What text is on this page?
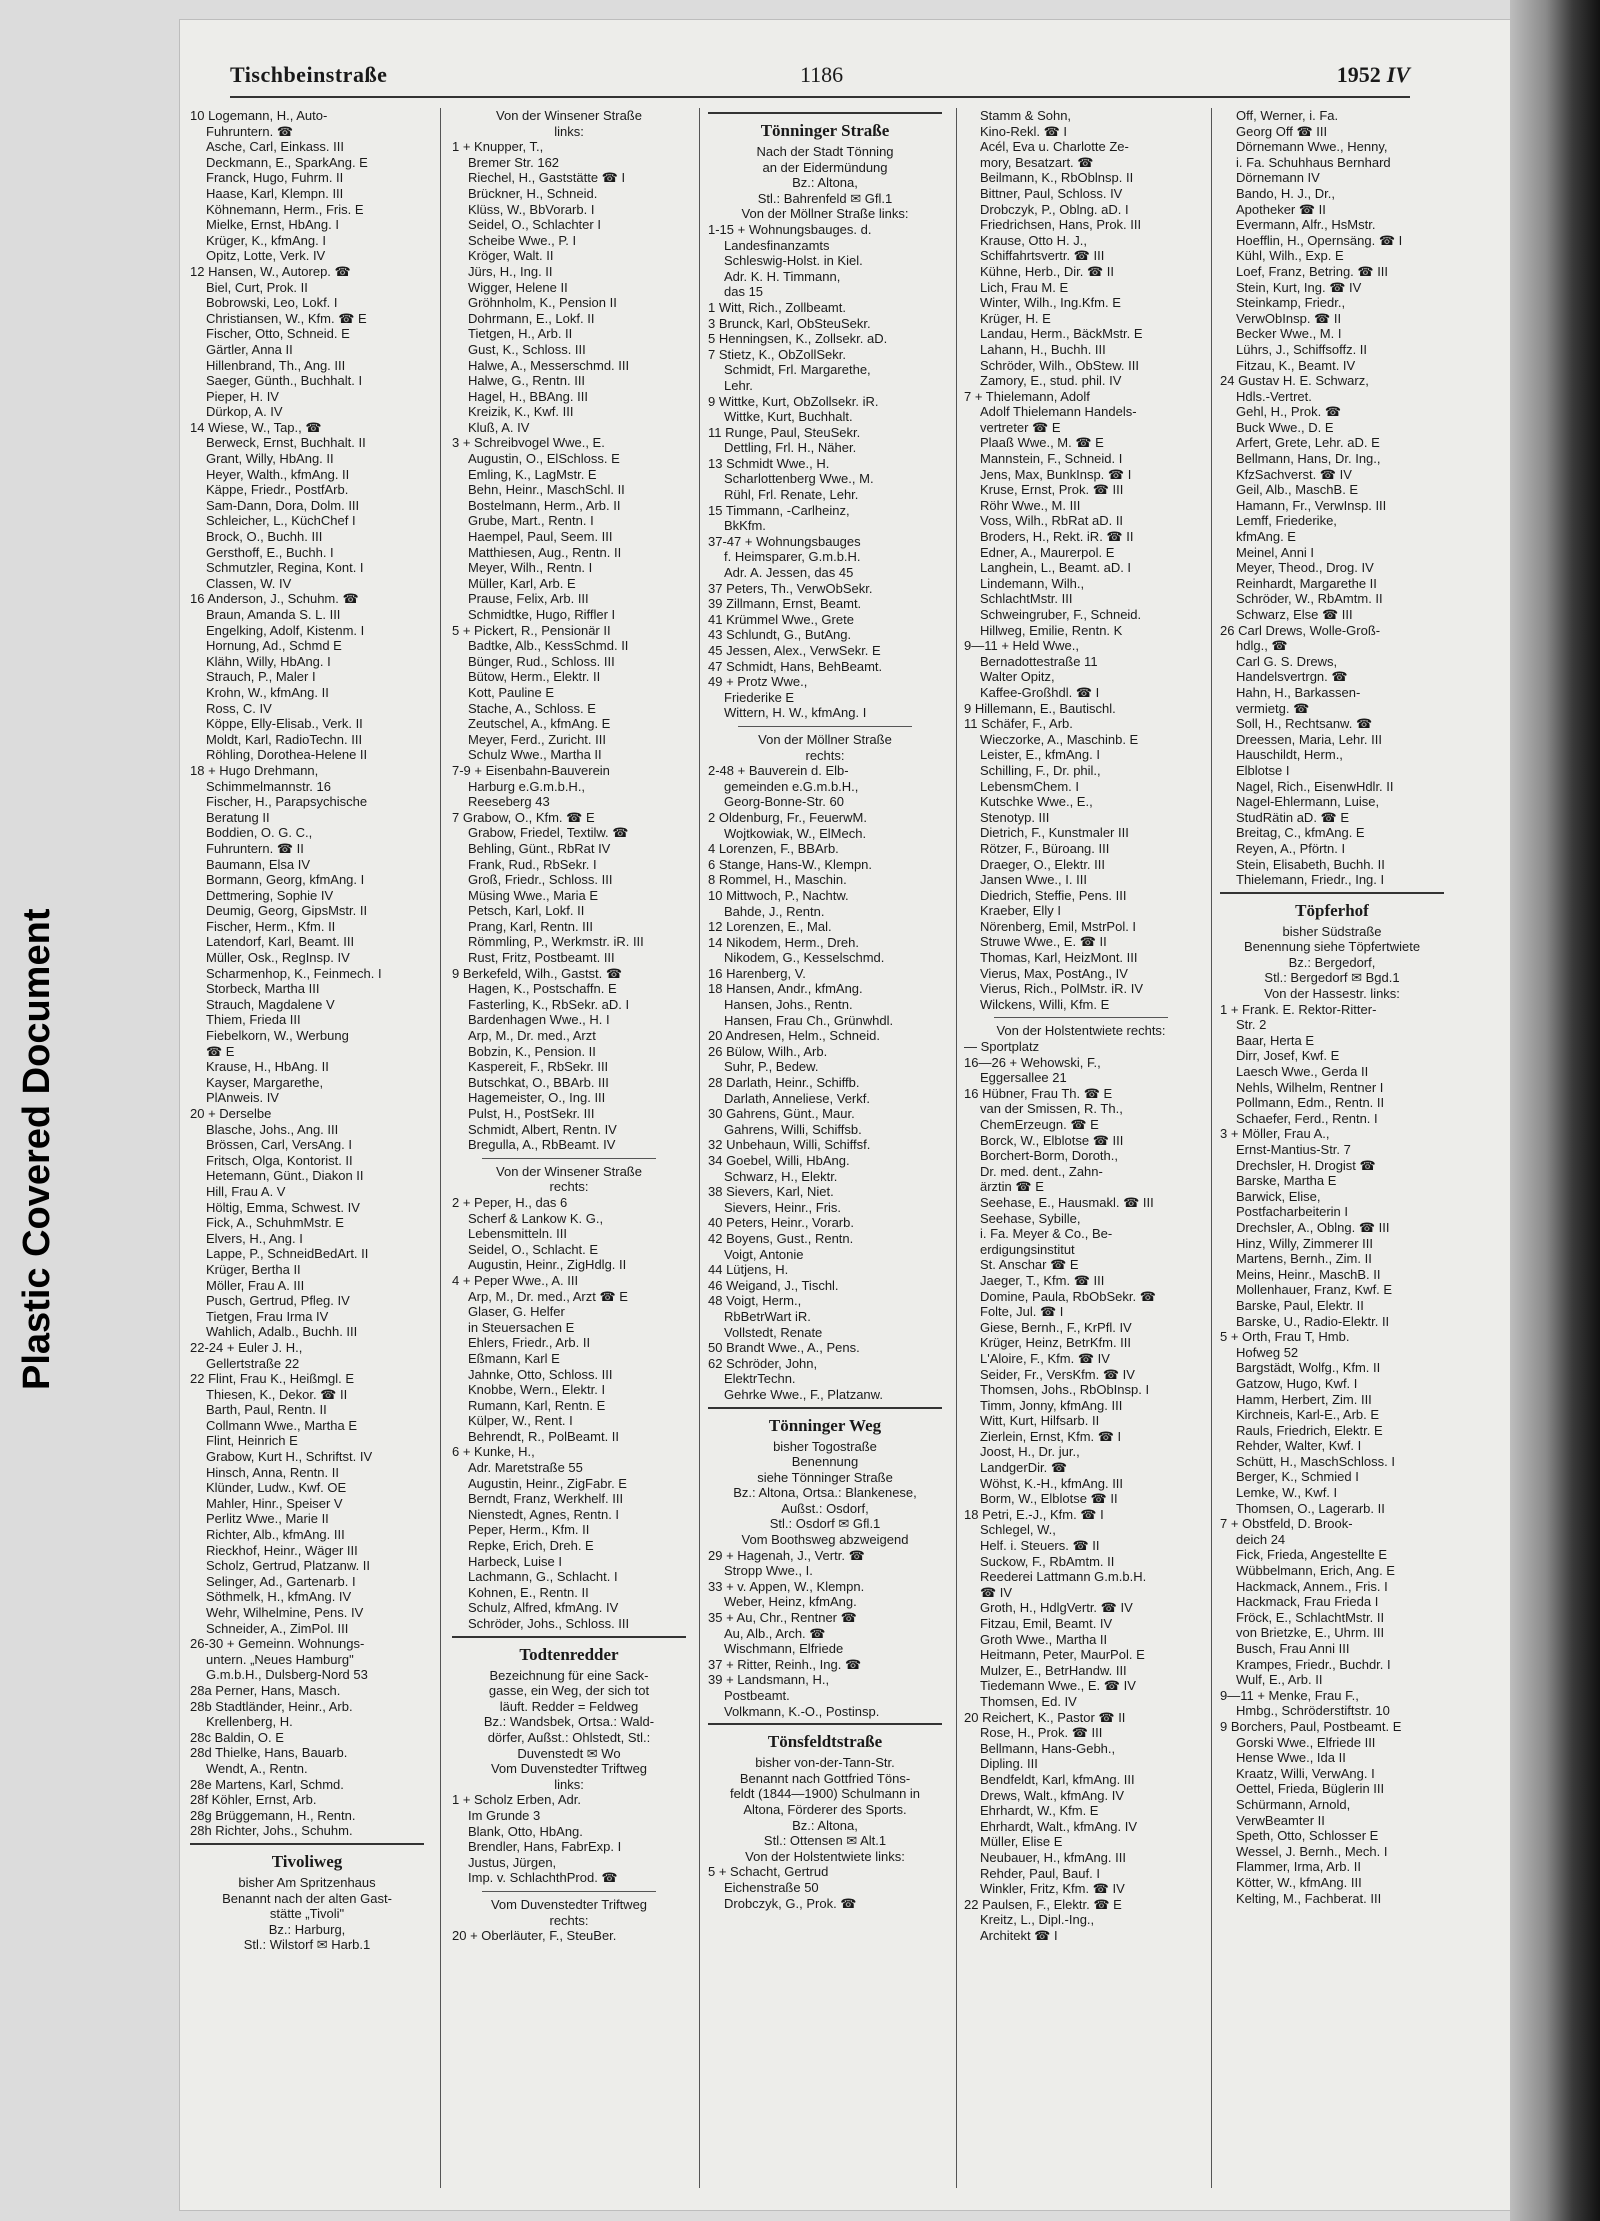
Plastic Covered Document
Tischbeinstraße	1186	1952 IV
10 Logemann, H., Auto-
Fuhruntern. ☎
Asche, Carl, Einkass. III
Deckmann, E., SparkAng. E
Franck, Hugo, Fuhrm. II
Haase, Karl, Klempn. III
Köhnemann, Herm., Fris. E
Mielke, Ernst, HbAng. I
Krüger, K., kfmAng. I
Opitz, Lotte, Verk. IV
12 Hansen, W., Autorep. ☎
Biel, Curt, Prok. II
Bobrowski, Leo, Lokf. I
Christiansen, W., Kfm. ☎ E
Fischer, Otto, Schneid. E
Gärtler, Anna II
Hillenbrand, Th., Ang. III
Saeger, Günth., Buchhalt. I
Pieper, H. IV
Dürkop, A. IV
14 Wiese, W., Tap., ☎
Berweck, Ernst, Buchhalt. II
Grant, Willy, HbAng. II
Heyer, Walth., kfmAng. II
Käppe, Friedr., PostfArb.
Sam-Dann, Dora, Dolm. III
Schleicher, L., KüchChef I
Brock, O., Buchh. III
Gersthoff, E., Buchh. I
Schmutzler, Regina, Kont. I
Classen, W. IV
16 Anderson, J., Schuhm. ☎
Braun, Amanda S. L. III
Engelking, Adolf, Kistenm. I
Hornung, Ad., Schmd E
Klähn, Willy, HbAng. I
Strauch, P., Maler I
Krohn, W., kfmAng. II
Ross, C. IV
Köppe, Elly-Elisab., Verk. II
Moldt, Karl, RadioTechn. III
Röhling, Dorothea-Helene II
18 + Hugo Drehmann,
Schimmelmannstr. 16
Fischer, H., Parapsychische
Beratung II
Boddien, O. G. C.,
Fuhruntern. ☎ II
Baumann, Elsa IV
Bormann, Georg, kfmAng. I
Dettmering, Sophie IV
Deumig, Georg, GipsMstr. II
Fischer, Herm., Kfm. II
Latendorf, Karl, Beamt. III
Müller, Osk., RegInsp. IV
Scharmenhop, K., Feinmech. I
Storbeck, Martha III
Strauch, Magdalene V
Thiem, Frieda III
Fiebelkorn, W., Werbung
☎ E
Krause, H., HbAng. II
Kayser, Margarethe,
PlAnweis. IV
20 + Derselbe
Blasche, Johs., Ang. III
Brössen, Carl, VersAng. I
Fritsch, Olga, Kontorist. II
Hetemann, Günt., Diakon II
Hill, Frau A. V
Höltig, Emma, Schwest. IV
Fick, A., SchuhmMstr. E
Elvers, H., Ang. I
Lappe, P., SchneidBedArt. II
Krüger, Bertha II
Möller, Frau A. III
Pusch, Gertrud, Pfleg. IV
Tietgen, Frau Irma IV
Wahlich, Adalb., Buchh. III
22-24 + Euler J. H.,
Gellertstraße 22
22 Flint, Frau K., Heißmgl. E
Thiesen, K., Dekor. ☎ II
Barth, Paul, Rentn. II
Collmann Wwe., Martha E
Flint, Heinrich E
Grabow, Kurt H., Schriftst. IV
Hinsch, Anna, Rentn. II
Klünder, Ludw., Kwf. OE
Mahler, Hinr., Speiser V
Perlitz Wwe., Marie II
Richter, Alb., kfmAng. III
Rieckhof, Heinr., Wäger III
Scholz, Gertrud, Platzanw. II
Selinger, Ad., Gartenarb. I
Söthmelk, H., kfmAng. IV
Wehr, Wilhelmine, Pens. IV
Schneider, A., ZimPol. III
26-30 + Gemeinn. Wohnungs-
untern. „Neues Hamburg"
G.m.b.H., Dulsberg-Nord 53
28a Perner, Hans, Masch.
28b Stadtländer, Heinr., Arb.
Krellenberg, H.
28c Baldin, O. E
28d Thielke, Hans, Bauarb.
Wendt, A., Rentn.
28e Martens, Karl, Schmd.
28f Köhler, Ernst, Arb.
28g Brüggemann, H., Rentn.
28h Richter, Johs., Schuhm.
Tivoliweg
bisher Am Spritzenhaus
Benannt nach der alten Gast-
stätte „Tivoli"
Bz.: Harburg,
Stl.: Wilstorf ✉ Harb.1
Von der Winsener Straße
links:
1 + Knupper, T.,
Bremer Str. 162
Riechel, H., Gaststätte ☎ I
Brückner, H., Schneid.
Klüss, W., BbVorarb. I
Seidel, O., Schlachter I
Scheibe Wwe., P. I
Kröger, Walt. II
Jürs, H., Ing. II
Wigger, Helene II
Gröhnholm, K., Pension II
Dohrmann, E., Lokf. II
Tietgen, H., Arb. II
Gust, K., Schloss. III
Halwe, A., Messerschmd. III
Halwe, G., Rentn. III
Hagel, H., BBAng. III
Kreizik, K., Kwf. III
Kluß, A. IV
3 + Schreibvogel Wwe., E.
Augustin, O., ElSchloss. E
Emling, K., LagMstr. E
Behn, Heinr., MaschSchl. II
Bostelmann, Herm., Arb. II
Grube, Mart., Rentn. I
Haempel, Paul, Seem. III
Matthiesen, Aug., Rentn. II
Meyer, Wilh., Rentn. I
Müller, Karl, Arb. E
Prause, Felix, Arb. III
Schmidtke, Hugo, Riffler I
5 + Pickert, R., Pensionär II
Badtke, Alb., KessSchmd. II
Bünger, Rud., Schloss. III
Bütow, Herm., Elektr. II
Kott, Pauline E
Stache, A., Schloss. E
Zeutschel, A., kfmAng. E
Meyer, Ferd., Zuricht. III
Schulz Wwe., Martha II
7-9 + Eisenbahn-Bauverein
Harburg e.G.m.b.H.,
Reeseberg 43
7 Grabow, O., Kfm. ☎ E
Grabow, Friedel, Textilw. ☎
Behling, Günt., RbRat IV
Frank, Rud., RbSekr. I
Groß, Friedr., Schloss. III
Müsing Wwe., Maria E
Petsch, Karl, Lokf. II
Prang, Karl, Rentn. III
Römmling, P., Werkmstr. iR. III
Rust, Fritz, Postbeamt. III
9 Berkefeld, Wilh., Gastst. ☎
Hagen, K., Postschaffn. E
Fasterling, K., RbSekr. aD. I
Bardenhagen Wwe., H. I
Arp, M., Dr. med., Arzt
Bobzin, K., Pension. II
Kaspereit, F., RbSekr. III
Butschkat, O., BBArb. III
Hagemeister, O., Ing. III
Pulst, H., PostSekr. III
Schmidt, Albert, Rentn. IV
Bregulla, A., RbBeamt. IV
Von der Winsener Straße
rechts:
2 + Peper, H., das 6
Scherf & Lankow K. G.,
Lebensmitteln. III
Seidel, O., Schlacht. E
Augustin, Heinr., ZigHdlg. II
4 + Peper Wwe., A. III
Arp, M., Dr. med., Arzt ☎ E
Glaser, G. Helfer
in Steuersachen E
Ehlers, Friedr., Arb. II
Eßmann, Karl E
Jahnke, Otto, Schloss. III
Knobbe, Wern., Elektr. I
Rumann, Karl, Rentn. E
Külper, W., Rent. I
Behrendt, R., PolBeamt. II
6 + Kunke, H.,
Adr. Maretstraße 55
Augustin, Heinr., ZigFabr. E
Berndt, Franz, Werkhelf. III
Nienstedt, Agnes, Rentn. I
Peper, Herm., Kfm. II
Repke, Erich, Dreh. E
Harbeck, Luise I
Lachmann, G., Schlacht. I
Kohnen, E., Rentn. II
Schulz, Alfred, kfmAng. IV
Schröder, Johs., Schloss. III
Todtenredder
Bezeichnung für eine Sack-
gasse, ein Weg, der sich tot
läuft. Redder = Feldweg
Bz.: Wandsbek, Ortsa.: Wald-
dörfer, Außst.: Ohlstedt, Stl.:
Duvenstedt ✉ Wo
Vom Duvenstedter Triftweg
links:
1 + Scholz Erben, Adr.
Im Grunde 3
Blank, Otto, HbAng.
Brendler, Hans, FabrExp. I
Justus, Jürgen,
Imp. v. SchlachthProd. ☎
Vom Duvenstedter Triftweg
rechts:
20 + Oberläuter, F., SteuBer.
Tönninger Straße
Nach der Stadt Tönning
an der Eidermündung
Bz.: Altona,
Stl.: Bahrenfeld ✉ Gfl.1
Von der Möllner Straße links:
1-15 + Wohnungsbauges. d.
Landesfinanzamts
Schleswig-Holst. in Kiel.
Adr. K. H. Timmann,
das 15
1 Witt, Rich., Zollbeamt.
3 Brunck, Karl, ObSteuSekr.
5 Henningsen, K., Zollsekr. aD.
7 Stietz, K., ObZollSekr.
Schmidt, Frl. Margarethe,
Lehr.
9 Wittke, Kurt, ObZollsekr. iR.
Wittke, Kurt, Buchhalt.
11 Runge, Paul, SteuSekr.
Dettling, Frl. H., Näher.
13 Schmidt Wwe., H.
Scharlottenberg Wwe., M.
Rühl, Frl. Renate, Lehr.
15 Timmann, -Carlheinz,
BkKfm.
37-47 + Wohnungsbauges
f. Heimsparer, G.m.b.H.
Adr. A. Jessen, das 45
37 Peters, Th., VerwObSekr.
39 Zillmann, Ernst, Beamt.
41 Krümmel Wwe., Grete
43 Schlundt, G., ButAng.
45 Jessen, Alex., VerwSekr. E
47 Schmidt, Hans, BehBeamt.
49 + Protz Wwe.,
Friederike E
Wittern, H. W., kfmAng. I
Von der Möllner Straße
rechts:
2-48 + Bauverein d. Elb-
gemeinden e.G.m.b.H.,
Georg-Bonne-Str. 60
2 Oldenburg, Fr., FeuerwM.
Wojtkowiak, W., ElMech.
4 Lorenzen, F., BBArb.
6 Stange, Hans-W., Klempn.
8 Rommel, H., Maschin.
10 Mittwoch, P., Nachtw.
Bahde, J., Rentn.
12 Lorenzen, E., Mal.
14 Nikodem, Herm., Dreh.
Nikodem, G., Kesselschmd.
16 Harenberg, V.
18 Hansen, Andr., kfmAng.
Hansen, Johs., Rentn.
Hansen, Frau Ch., Grünwhdl.
20 Andresen, Helm., Schneid.
26 Bülow, Wilh., Arb.
Suhr, P., Bedew.
28 Darlath, Heinr., Schiffb.
Darlath, Anneliese, Verkf.
30 Gahrens, Günt., Maur.
Gahrens, Willi, Schiffsb.
32 Unbehaun, Willi, Schiffsf.
34 Goebel, Willi, HbAng.
Schwarz, H., Elektr.
38 Sievers, Karl, Niet.
Sievers, Heinr., Fris.
40 Peters, Heinr., Vorarb.
42 Boyens, Gust., Rentn.
Voigt, Antonie
44 Lütjens, H.
46 Weigand, J., Tischl.
48 Voigt, Herm.,
RbBetrWart iR.
Vollstedt, Renate
50 Brandt Wwe., A., Pens.
62 Schröder, John,
ElektrTechn.
Gehrke Wwe., F., Platzanw.
Tönninger Weg
bisher Togostraße
Benennung
siehe Tönninger Straße
Bz.: Altona, Ortsa.: Blankenese,
Außst.: Osdorf,
Stl.: Osdorf ✉ Gfl.1
Vom Boothsweg abzweigend
29 + Hagenah, J., Vertr. ☎
Stropp Wwe., I.
33 + v. Appen, W., Klempn.
Weber, Heinz, kfmAng.
35 + Au, Chr., Rentner ☎
Au, Alb., Arch. ☎
Wischmann, Elfriede
37 + Ritter, Reinh., Ing. ☎
39 + Landsmann, H.,
Postbeamt.
Volkmann, K.-O., Postinsp.
Tönsfeldtstraße
bisher von-der-Tann-Str.
Benannt nach Gottfried Töns-
feldt (1844—1900) Schulmann in
Altona, Förderer des Sports.
Bz.: Altona,
Stl.: Ottensen ✉ Alt.1
Von der Holstentwiete links:
5 + Schacht, Gertrud
Eichenstraße 50
Drobczyk, G., Prok. ☎
Stamm & Sohn,
Kino-Rekl. ☎ I
Acél, Eva u. Charlotte Ze-
mory, Besatzart. ☎
Beilmann, K., RbOblnsp. II
Bittner, Paul, Schloss. IV
Drobczyk, P., Oblng. aD. I
Friedrichsen, Hans, Prok. III
Krause, Otto H. J.,
Schiffahrtsvertr. ☎ III
Kühne, Herb., Dir. ☎ II
Lich, Frau M. E
Winter, Wilh., Ing.Kfm. E
Krüger, H. E
Landau, Herm., BäckMstr. E
Lahann, H., Buchh. III
Schröder, Wilh., ObStew. III
Zamory, E., stud. phil. IV
7 + Thielemann, Adolf
Adolf Thielemann Handels-
vertreter ☎ E
Plaaß Wwe., M. ☎ E
Mannstein, F., Schneid. I
Jens, Max, BunkInsp. ☎ I
Kruse, Ernst, Prok. ☎ III
Röhr Wwe., M. III
Voss, Wilh., RbRat aD. II
Broders, H., Rekt. iR. ☎ II
Edner, A., Maurerpol. E
Langhein, L., Beamt. aD. I
Lindemann, Wilh.,
SchlachtMstr. III
Schweingruber, F., Schneid.
Hillweg, Emilie, Rentn. K
9—11 + Held Wwe.,
Bernadottestraße 11
Walter Opitz,
Kaffee-Großhdl. ☎ I
9 Hillemann, E., Bautischl.
11 Schäfer, F., Arb.
Wieczorke, A., Maschinb. E
Leister, E., kfmAng. I
Schilling, F., Dr. phil.,
LebensmChem. I
Kutschke Wwe., E.,
Stenotyp. III
Dietrich, F., Kunstmaler III
Rötzer, F., Büroang. III
Draeger, O., Elektr. III
Jansen Wwe., I. III
Diedrich, Steffie, Pens. III
Kraeber, Elly I
Nörenberg, Emil, MstrPol. I
Struwe Wwe., E. ☎ II
Thomas, Karl, HeizMont. III
Vierus, Max, PostAng., IV
Vierus, Rich., PolMstr. iR. IV
Wilckens, Willi, Kfm. E
Von der Holstentwiete rechts:
— Sportplatz
16—26 + Wehowski, F.,
Eggersallee 21
16 Hübner, Frau Th. ☎ E
van der Smissen, R. Th.,
ChemErzeugn. ☎ E
Borck, W., Elblotse ☎ III
Borchert-Borm, Doroth.,
Dr. med. dent., Zahn-
ärztin ☎ E
Seehase, E., Hausmakl. ☎ III
Seehase, Sybille,
i. Fa. Meyer & Co., Be-
erdigungsinstitut
St. Anschar ☎ E
Jaeger, T., Kfm. ☎ III
Domine, Paula, RbObSekr. ☎
Folte, Jul. ☎ I
Giese, Bernh., F., KrPfl. IV
Krüger, Heinz, BetrKfm. III
L'Aloire, F., Kfm. ☎ IV
Seider, Fr., VersKfm. ☎ IV
Thomsen, Johs., RbObInsp. I
Timm, Jonny, kfmAng. III
Witt, Kurt, Hilfsarb. II
Zierlein, Ernst, Kfm. ☎ I
Joost, H., Dr. jur.,
LandgerDir. ☎
Wöhst, K.-H., kfmAng. III
Borm, W., Elblotse ☎ II
18 Petri, E.-J., Kfm. ☎ I
Schlegel, W.,
Helf. i. Steuers. ☎ II
Suckow, F., RbAmtm. II
Reederei Lattmann G.m.b.H.
☎ IV
Groth, H., HdlgVertr. ☎ IV
Fitzau, Emil, Beamt. IV
Groth Wwe., Martha II
Heitmann, Peter, MaurPol. E
Mulzer, E., BetrHandw. III
Tiedemann Wwe., E. ☎ IV
Thomsen, Ed. IV
20 Reichert, K., Pastor ☎ II
Rose, H., Prok. ☎ III
Bellmann, Hans-Gebh.,
Dipling. III
Bendfeldt, Karl, kfmAng. III
Drews, Walt., kfmAng. IV
Ehrhardt, W., Kfm. E
Ehrhardt, Walt., kfmAng. IV
Müller, Elise E
Neubauer, H., kfmAng. III
Rehder, Paul, Bauf. I
Winkler, Fritz, Kfm. ☎ IV
22 Paulsen, F., Elektr. ☎ E
Kreitz, L., Dipl.-Ing.,
Architekt ☎ I
Off, Werner, i. Fa.
Georg Off ☎ III
Dörnemann Wwe., Henny,
i. Fa. Schuhhaus Bernhard
Dörnemann IV
Bando, H. J., Dr.,
Apotheker ☎ II
Evermann, Alfr., HsMstr.
Hoefflin, H., Opernsäng. ☎ I
Kühl, Wilh., Exp. E
Loef, Franz, Betring. ☎ III
Stein, Kurt, Ing. ☎ IV
Steinkamp, Friedr.,
VerwObInsp. ☎ II
Becker Wwe., M. I
Lührs, J., Schiffsoffz. II
Fitzau, K., Beamt. IV
24 Gustav H. E. Schwarz,
Hdls.-Vertret.
Gehl, H., Prok. ☎
Buck Wwe., D. E
Arfert, Grete, Lehr. aD. E
Bellmann, Hans, Dr. Ing.,
KfzSachverst. ☎ IV
Geil, Alb., MaschB. E
Hamann, Fr., VerwInsp. III
Lemff, Friederike,
kfmAng. E
Meinel, Anni I
Meyer, Theod., Drog. IV
Reinhardt, Margarethe II
Schröder, W., RbAmtm. II
Schwarz, Else ☎ III
26 Carl Drews, Wolle-Groß-
hdlg., ☎
Carl G. S. Drews,
Handelsvertrgn. ☎
Hahn, H., Barkassen-
vermietg. ☎
Soll, H., Rechtsanw. ☎
Dreessen, Maria, Lehr. III
Hauschildt, Herm.,
Elblotse I
Nagel, Rich., EisenwHdlr. II
Nagel-Ehlermann, Luise,
StudRätin aD. ☎ E
Breitag, C., kfmAng. E
Reyen, A., Pförtn. I
Stein, Elisabeth, Buchh. II
Thielemann, Friedr., Ing. I
Töpferhof
bisher Südstraße
Benennung siehe Töpfertwiete
Bz.: Bergedorf,
Stl.: Bergedorf ✉ Bgd.1
Von der Hassestr. links:
1 + Frank. E. Rektor-Ritter-
Str. 2
Baar, Herta E
Dirr, Josef, Kwf. E
Laesch Wwe., Gerda II
Nehls, Wilhelm, Rentner I
Pollmann, Edm., Rentn. II
Schaefer, Ferd., Rentn. I
3 + Möller, Frau A.,
Ernst-Mantius-Str. 7
Drechsler, H. Drogist ☎
Barske, Martha E
Barwick, Elise,
Postfacharbeiterin I
Drechsler, A., Oblng. ☎ III
Hinz, Willy, Zimmerer III
Martens, Bernh., Zim. II
Meins, Heinr., MaschB. II
Mollenhauer, Franz, Kwf. E
Barske, Paul, Elektr. II
Barske, U., Radio-Elektr. II
5 + Orth, Frau T, Hmb.
Hofweg 52
Bargstädt, Wolfg., Kfm. II
Gatzow, Hugo, Kwf. I
Hamm, Herbert, Zim. III
Kirchneis, Karl-E., Arb. E
Rauls, Friedrich, Elektr. E
Rehder, Walter, Kwf. I
Schütt, H., MaschSchloss. I
Berger, K., Schmied I
Lemke, W., Kwf. I
Thomsen, O., Lagerarb. II
7 + Obstfeld, D. Brook-
deich 24
Fick, Frieda, Angestellte E
Wübbelmann, Erich, Ang. E
Hackmack, Annem., Fris. I
Hackmack, Frau Frieda I
Fröck, E., SchlachtMstr. II
von Brietzke, E., Uhrm. III
Busch, Frau Anni III
Krampes, Friedr., Buchdr. I
Wulf, E., Arb. II
9—11 + Menke, Frau F.,
Hmbg., Schröderstiftstr. 10
9 Borchers, Paul, Postbeamt. E
Gorski Wwe., Elfriede III
Hense Wwe., Ida II
Kraatz, Willi, VerwAng. I
Oettel, Frieda, Büglerin III
Schürmann, Arnold,
VerwBeamter II
Speth, Otto, Schlosser E
Wessel, J. Bernh., Mech. I
Flammer, Irma, Arb. II
Kötter, W., kfmAng. III
Kelting, M., Fachberat. III
